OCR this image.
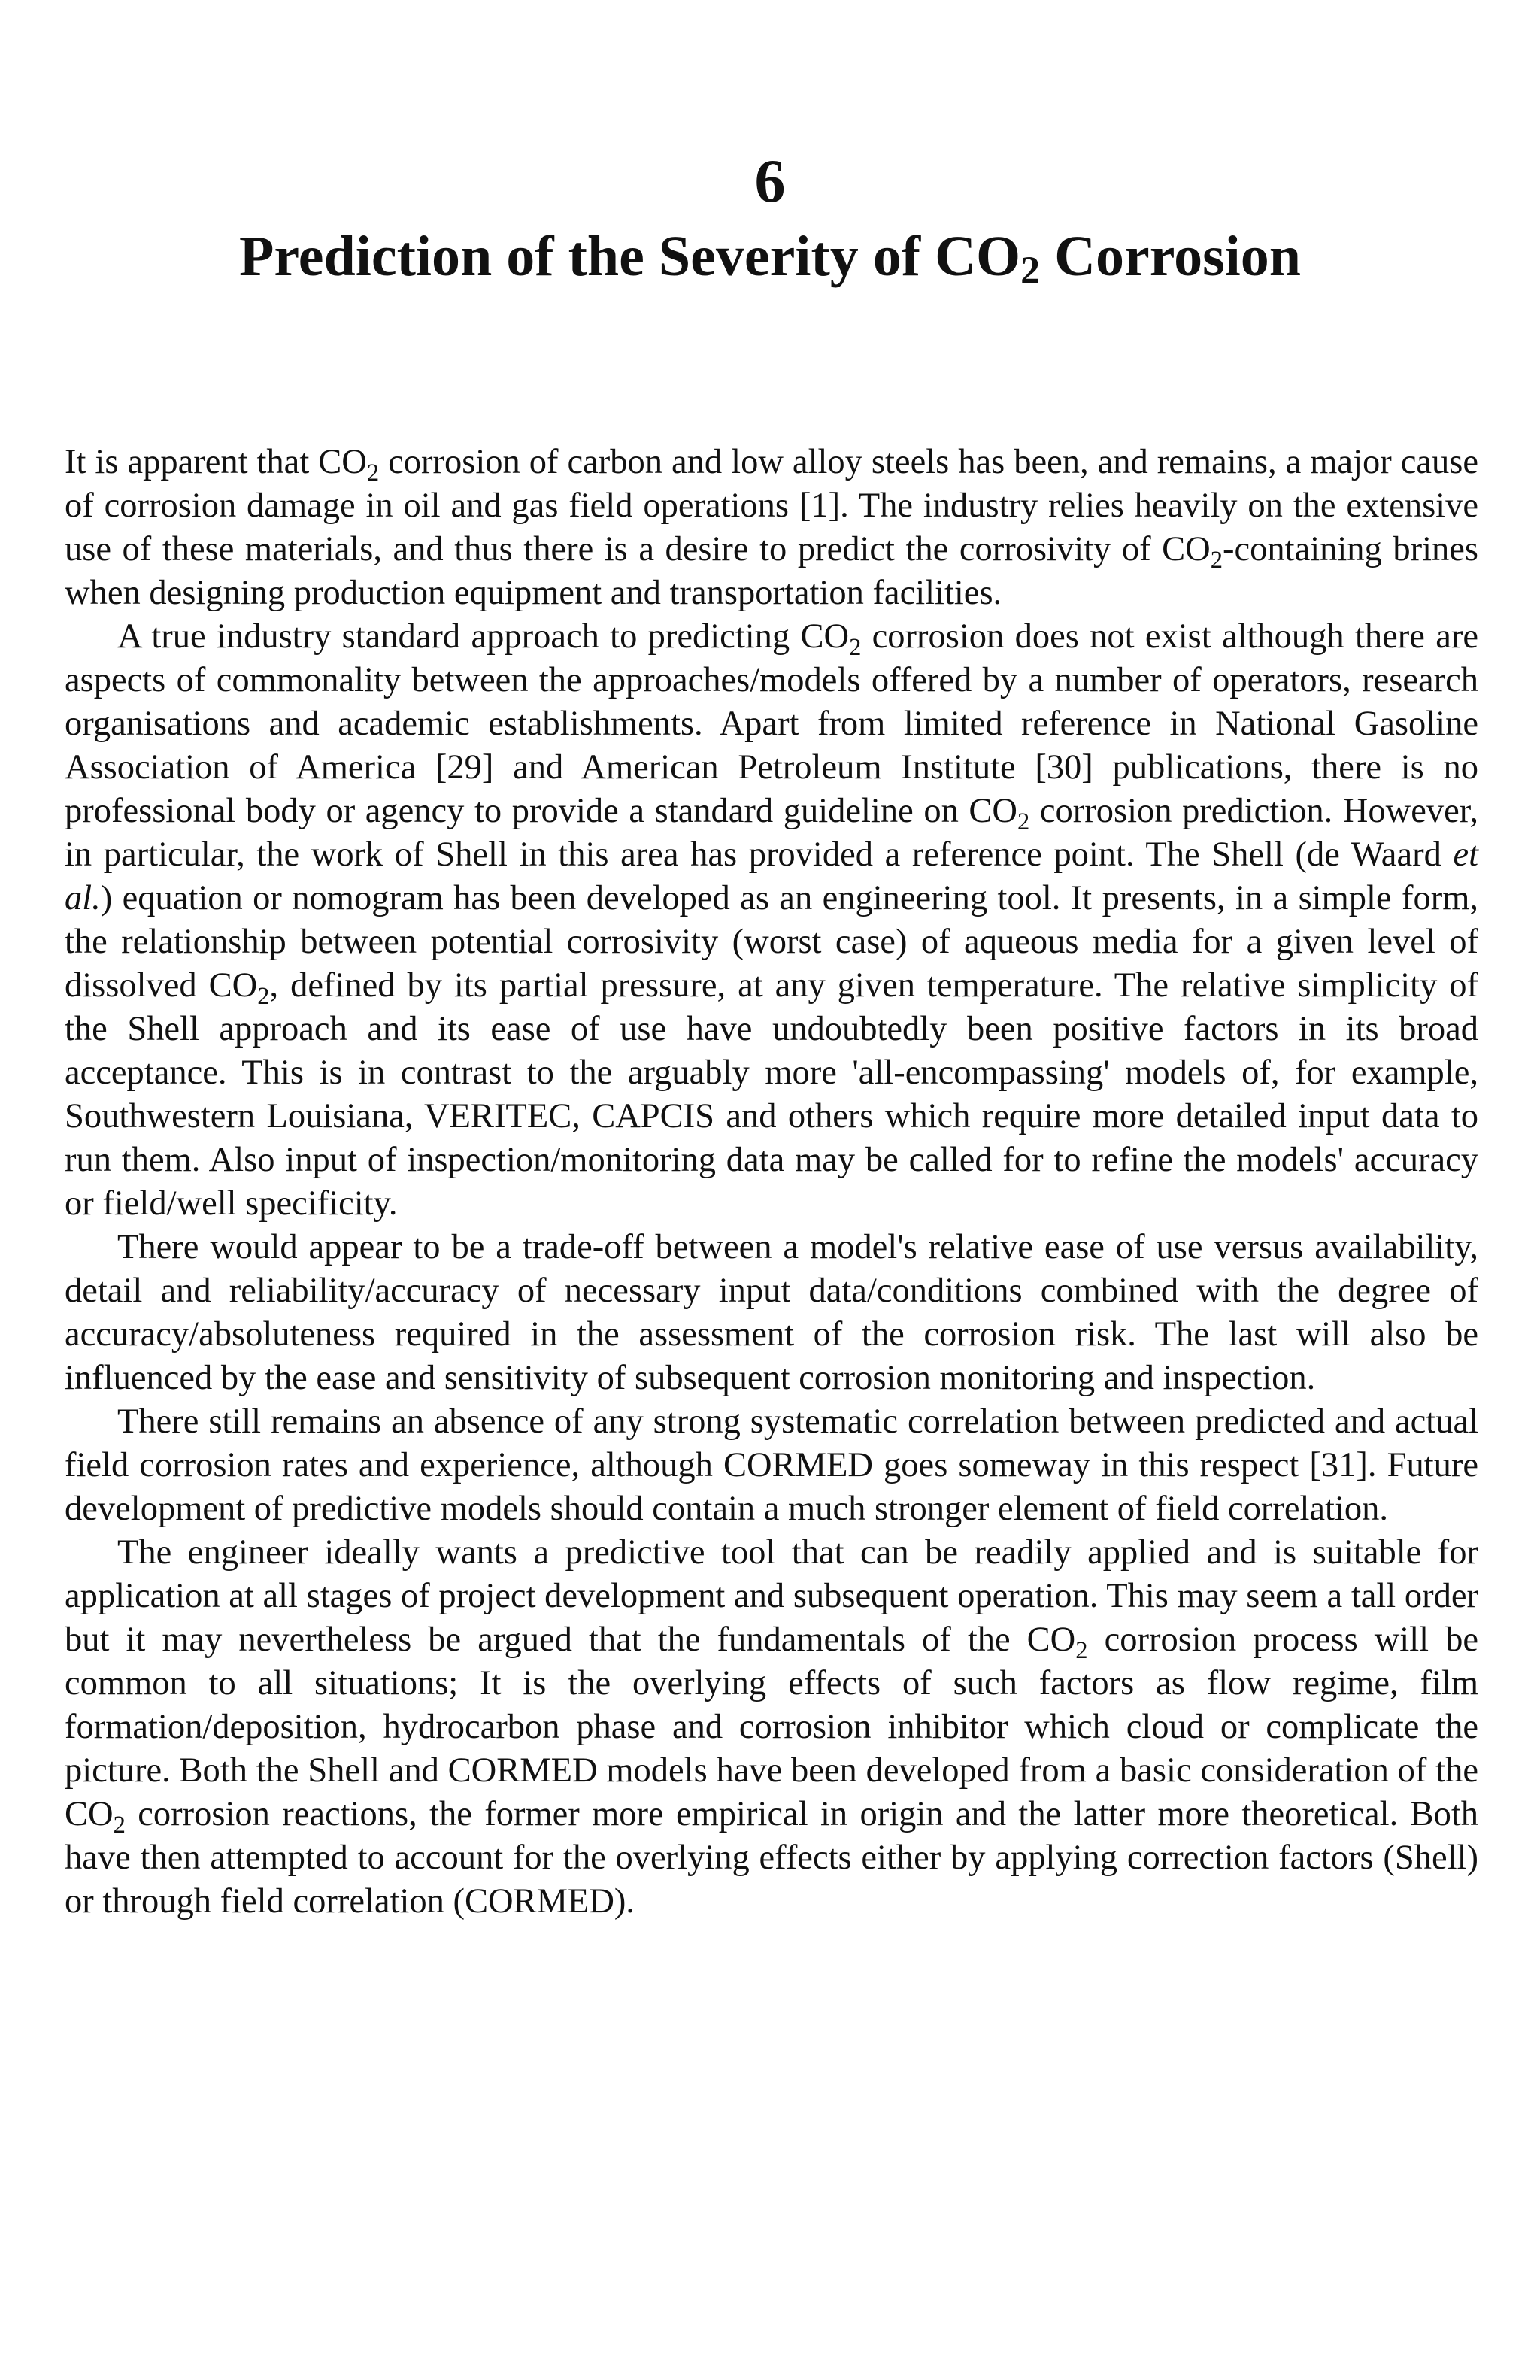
6
Prediction of the Severity of $CO_2$ Corrosion

It is apparent that $CO_2$ corrosion of carbon and low alloy steels has been, and remains, a major cause of corrosion damage in oil and gas field operations [1]. The industry relies heavily on the extensive use of these materials, and thus there is a desire to predict the corrosivity of $CO_2$-containing brines when designing production equipment and transportation facilities.

A true industry standard approach to predicting $CO_2$ corrosion does not exist although there are aspects of commonality between the approaches/models offered by a number of operators, research organisations and academic establishments. Apart from limited reference in National Gasoline Association of America [29] and American Petroleum Institute [30] publications, there is no professional body or agency to provide a standard guideline on $CO_2$ corrosion prediction. However, in particular, the work of Shell in this area has provided a reference point. The Shell (de Waard et al.) equation or nomogram has been developed as an engineering tool. It presents, in a simple form, the relationship between potential corrosivity (worst case) of aqueous media for a given level of dissolved $CO_2$, defined by its partial pressure, at any given temperature. The relative simplicity of the Shell approach and its ease of use have undoubtedly been positive factors in its broad acceptance. This is in contrast to the arguably more 'all-encompassing' models of, for example, Southwestern Louisiana, VERITEC, CAPCIS and others which require more detailed input data to run them. Also input of inspection/monitoring data may be called for to refine the models' accuracy or field/well specificity.

There would appear to be a trade-off between a model's relative ease of use versus availability, detail and reliability/accuracy of necessary input data/conditions combined with the degree of accuracy/absoluteness required in the assessment of the corrosion risk. The last will also be influenced by the ease and sensitivity of subsequent corrosion monitoring and inspection.

There still remains an absence of any strong systematic correlation between predicted and actual field corrosion rates and experience, although CORMED goes someway in this respect [31]. Future development of predictive models should contain a much stronger element of field correlation.

The engineer ideally wants a predictive tool that can be readily applied and is suitable for application at all stages of project development and subsequent operation. This may seem a tall order but it may nevertheless be argued that the fundamentals of the $CO_2$ corrosion process will be common to all situations; It is the overlying effects of such factors as flow regime, film formation/deposition, hydrocarbon phase and corrosion inhibitor which cloud or complicate the picture. Both the Shell and CORMED models have been developed from a basic consideration of the $CO_2$ corrosion reactions, the former more empirical in origin and the latter more theoretical. Both have then attempted to account for the overlying effects either by applying correction factors (Shell) or through field correlation (CORMED).
